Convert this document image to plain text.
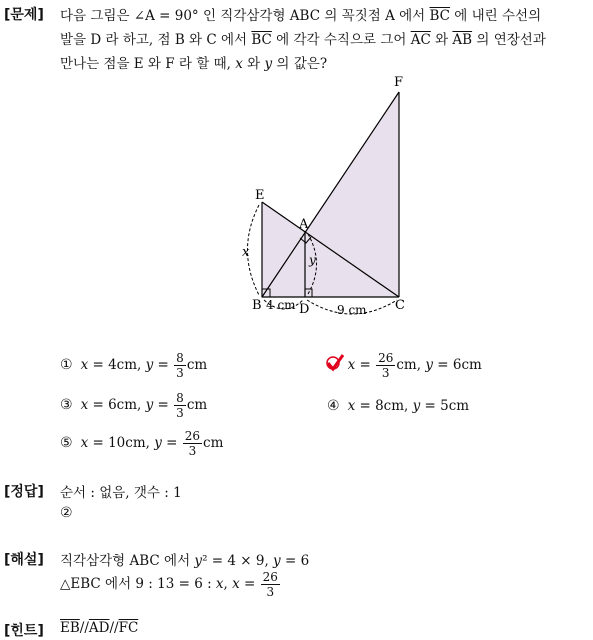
[문제] 다음 그림은 ∠A = 90° 인 직각삼각형 ABC 의 꼭짓점 A 에서 $\overline{BC}$ 에 내린 수선의
발을 D 라 하고, 점 B 와 C 에서 $\overline{BC}$ 에 각각 수직으로 그어 $\overline{AC}$ 와 $\overline{AB}$ 의 연장선과
만나는 점을 E 와 F 라 할 때, x 와 y 의 값은?
F
E
A
B	D	C
x	y
4 cm	9 cm
① x = 4cm, $y = \frac{8}{3}$ cm	$x = \frac{26}{3}$ cm, y = 6cm
③ x = 6cm, $y = \frac{8}{3}$ cm	④ x = 8cm, y = 5cm
⑤ x = 10cm, $y = \frac{26}{3}$ cm
[정답] 순서 : 없음, 갯수 : 1
②
[해설] 직각삼각형 ABC 에서 y² = 4 × 9, y = 6
△EBC 에서 9 : 13 = 6 : x, $x = \frac{26}{3}$
[힌트] $\overline{EB}//\overline{AD}//\overline{FC}$
